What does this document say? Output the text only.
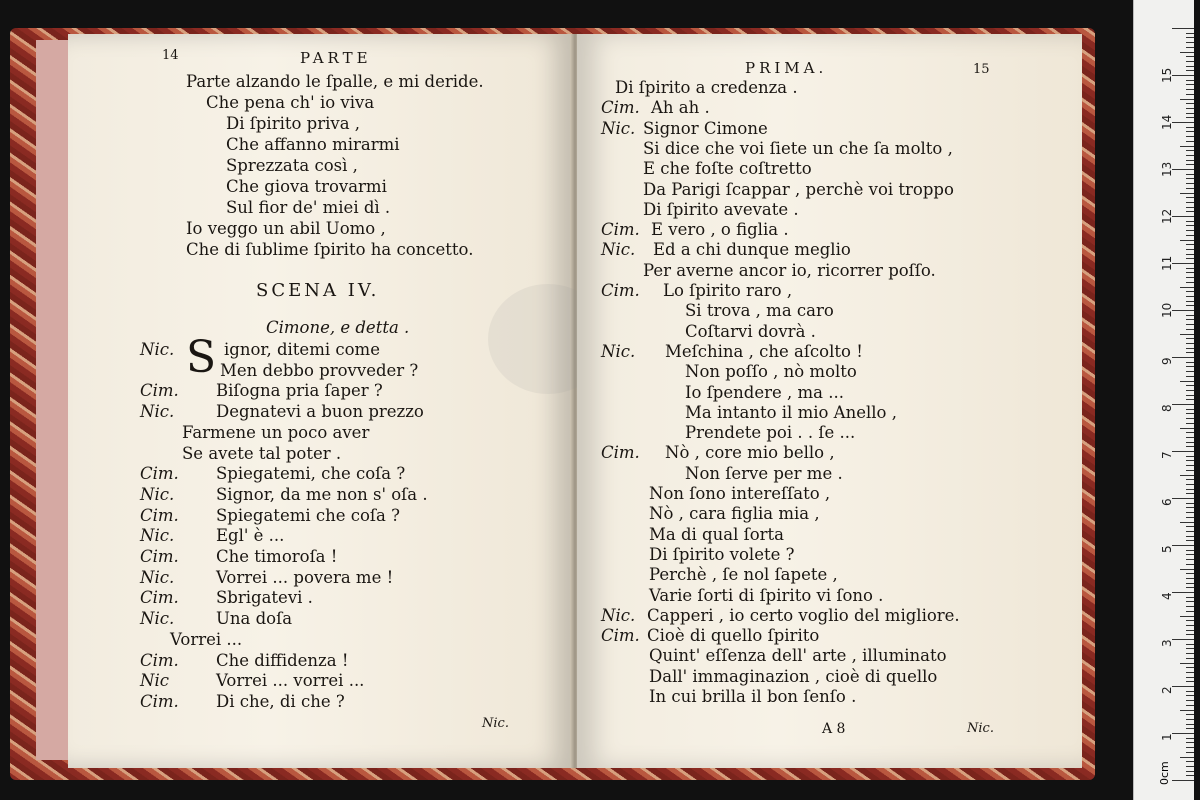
14	PARTE
Parte alzando le ſpalle, e mi deride.
Che pena ch' io viva
Di ſpirito priva ,
Che affanno mirarmi
Sprezzata così ,
Che giova trovarmi
Sul fior de' miei dì .
Io veggo un abil Uomo ,
Che di ſublime ſpirito ha concetto.
SCENA IV.
Cimone, e detta .
S
Nic.	ignor, ditemi come
Men debbo provveder ?
Cim. Biſogna pria ſaper ?
Nic.	Degnatevi a buon prezzo
Farmene un poco aver
Se avete tal poter .
Cim. Spiegatemi, che coſa ?
Nic.	Signor, da me non s' oſa .
Cim. Spiegatemi che coſa ?
Nic.	Egl' è ...
Cim. Che timoroſa !
Nic.	Vorrei ... povera me !
Cim. Sbrigatevi .
Nic.	Una doſa
Vorrei ...
Cim. Che diffidenza !
Nic	Vorrei ... vorrei ...
Cim. Di che, di che ?
Nic.
PRIMA.	15
Di ſpirito a credenza .
Cim. Ah ah .
Nic. Signor Cimone
Si dice che voi ſiete un che ſa molto ,
E che foſte coſtretto
Da Parigi ſcappar , perchè voi troppo
Di ſpirito avevate .
Cim. E vero , o figlia .
Nic. Ed a chi dunque meglio
Per averne ancor io, ricorrer poſſo.
Cim. Lo ſpirito raro ,
Si trova , ma caro
Coſtarvi dovrà .
Nic. Meſchina , che aſcolto !
Non poſſo , nò molto
Io ſpendere , ma ...
Ma intanto il mio Anello ,
Prendete poi . . ſe ...
Cim. Nò , core mio bello ,
Non ſerve per me .
Non ſono intereſſato ,
Nò , cara figlia mia ,
Ma di qual ſorta
Di ſpirito volete ?
Perchè , ſe nol ſapete ,
Varie ſorti di ſpirito vi ſono .
Nic. Capperi , io certo voglio del migliore.
Cim. Cioè di quello ſpirito
Quint' eſſenza dell' arte , illuminato
Dall' immaginazion , cioè di quello
In cui brilla il bon ſenſo .
A 8	Nic.
1
2
3
4
5
6
7
8
9
10
11
12
13
14
15
0cm
